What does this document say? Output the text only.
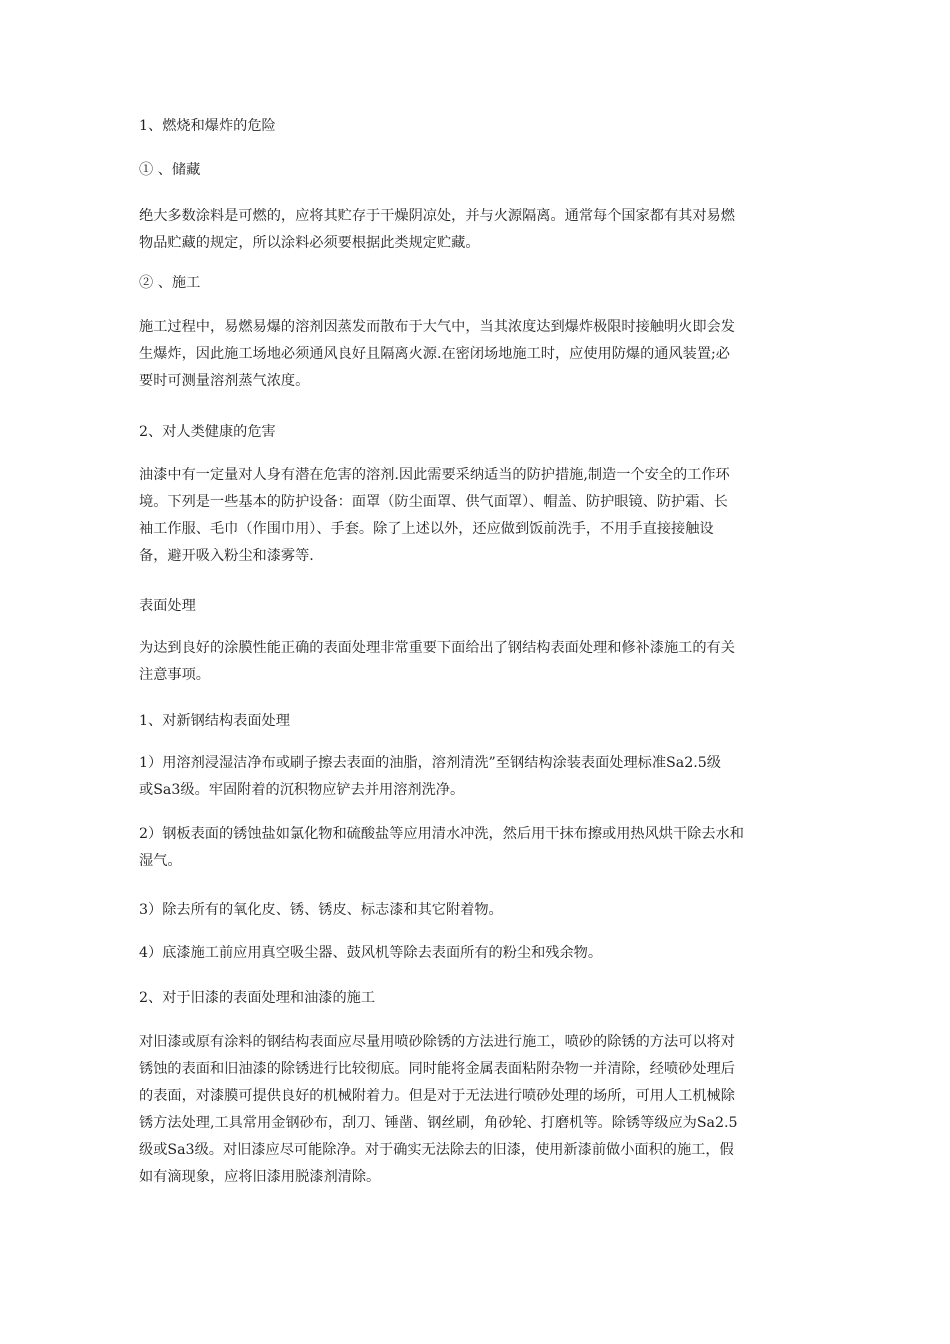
1、燃烧和爆炸的危险
① 、储藏
绝大多数涂料是可燃的，应将其贮存于干燥阴凉处，并与火源隔离。通常每个国家都有其对易燃
物品贮藏的规定，所以涂料必须要根据此类规定贮藏。
② 、施工
施工过程中，易燃易爆的溶剂因蒸发而散布于大气中，当其浓度达到爆炸极限时接触明火即会发
生爆炸，因此施工场地必须通风良好且隔离火源.在密闭场地施工时，应使用防爆的通风装置;必
要时可测量溶剂蒸气浓度。
2、对人类健康的危害
油漆中有一定量对人身有潜在危害的溶剂.因此需要采纳适当的防护措施,制造一个安全的工作环
境。下列是一些基本的防护设备：面罩（防尘面罩、供气面罩）、帽盖、防护眼镜、防护霜、长
袖工作服、毛巾（作围巾用）、手套。除了上述以外，还应做到饭前洗手，不用手直接接触设
备，避开吸入粉尘和漆雾等.
表面处理
为达到良好的涂膜性能正确的表面处理非常重要下面给出了钢结构表面处理和修补漆施工的有关
注意事项。
1、对新钢结构表面处理
1）用溶剂浸湿洁净布或刷子擦去表面的油脂，溶剂清洗”至钢结构涂装表面处理标准Sa2.5级
或Sa3级。牢固附着的沉积物应铲去并用溶剂洗净。
2）钢板表面的锈蚀盐如氯化物和硫酸盐等应用清水冲洗，然后用干抹布擦或用热风烘干除去水和
湿气。
3）除去所有的氧化皮、锈、锈皮、标志漆和其它附着物。
4）底漆施工前应用真空吸尘器、鼓风机等除去表面所有的粉尘和残余物。
2、对于旧漆的表面处理和油漆的施工
对旧漆或原有涂料的钢结构表面应尽量用喷砂除锈的方法进行施工，喷砂的除锈的方法可以将对
锈蚀的表面和旧油漆的除锈进行比较彻底。同时能将金属表面粘附杂物一并清除，经喷砂处理后
的表面，对漆膜可提供良好的机械附着力。但是对于无法进行喷砂处理的场所，可用人工机械除
锈方法处理,工具常用金钢砂布，刮刀、锤凿、钢丝刷，角砂轮、打磨机等。除锈等级应为Sa2.5
级或Sa3级。对旧漆应尽可能除净。对于确实无法除去的旧漆，使用新漆前做小面积的施工，假
如有滴现象，应将旧漆用脱漆剂清除。
